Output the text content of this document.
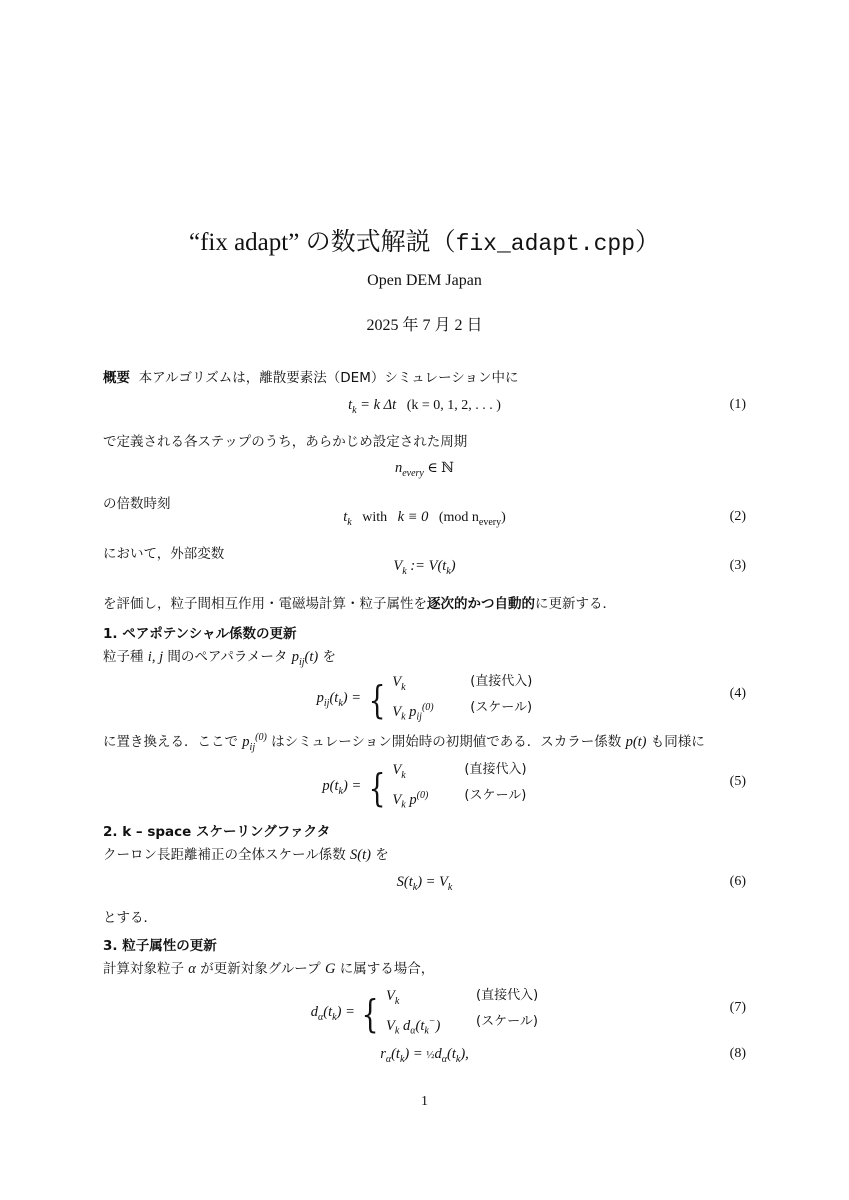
“fix adapt” の数式解説（fix_adapt.cpp）
Open DEM Japan
2025 年 7 月 2 日
概要 本アルゴリズムは，離散要素法（DEM）シミュレーション中に
$t_k = k$ Δt (k = 0, 1, 2, . . . )	(1)
で定義される各ステップのうち，あらかじめ設定された周期
$n_{every}$ ∈ ℕ
の倍数時刻
$t_k$ with k ≡ 0 (mod $n_{every}$)	(2)
において，外部変数
$V_k$ := $V(t_k)$	(3)
を評価し，粒子間相互作用・電磁場計算・粒子属性を逐次的かつ自動的に更新する．
1. ペアポテンシャル係数の更新
粒子種 i, j 間のペアパラメータ $p_{ij}(t)$ を
$p_{ij}(t_k)$ = { $V_k$	(直接代入)
$V_k$ $p_{ij}^{(0)}$	(スケール)
(4)
に置き換える．ここで $p_{ij}^{(0)}$ はシミュレーション開始時の初期値である．スカラー係数 p(t) も同様に
$p(t_k)$ = { $V_k$	(直接代入)
$V_k$ $p^{(0)}$	(スケール)
(5)
2. k – space スケーリングファクタ
クーロン長距離補正の全体スケール係数 S(t) を
$S(t_k) = V_k$	(6)
とする．
3. 粒子属性の更新
計算対象粒子 α が更新対象グループ G に属する場合，
$d_\alpha(t_k)$ = { $V_k$	(直接代入)
$V_k$ $d_\alpha(t_k^-)$	(スケール)
(7)
$r_\alpha(t_k)$ = $\frac{1}{2}d_\alpha(t_k)$,	(8)
1
